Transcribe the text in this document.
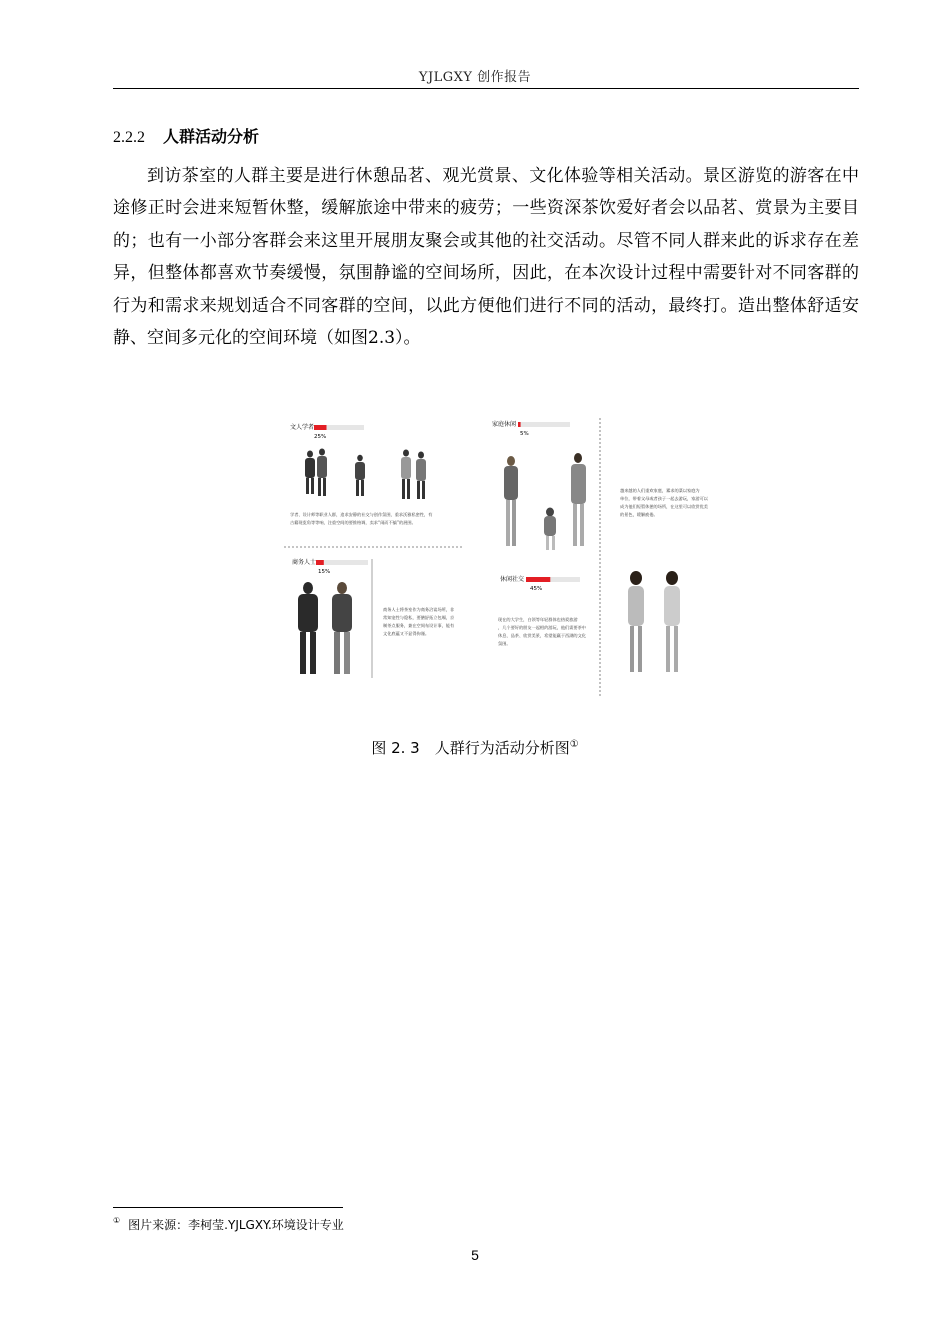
YJLGXY 创作报告
2.2.2 人群活动分析
到访茶室的人群主要是进行休憩品茗、观光赏景、文化体验等相关活动。景区游览的游客在中途修正时会进来短暂休整，缓解旅途中带来的疲劳；一些资深茶饮爱好者会以品茗、赏景为主要目的；也有一小部分客群会来这里开展朋友聚会或其他的社交活动。尽管不同人群来此的诉求存在差异，但整体都喜欢节奏缓慢，氛围静谧的空间场所，因此，在本次设计过程中需要针对不同客群的行为和需求来规划适合不同客群的空间，以此方便他们进行不同的活动，最终打。造出整体舒适安静、空间多元化的空间环境（如图2.3）。
文人学者
25%
学者、设计师等职业人群，追求安静的社交与创作氛围，重求沃雅私密性，有
古籍现览角等等响，注重空间的要推格调，卖求“闹而不搞”的展围。
家庭休闲
5%
越来越的人们重欢家庭，累求的菜以家庭为
单位，带着父母或者孩子一起去游玩，家游可以
成为他们短暂休憩的场所，在这里可以欣赏优美
的景色，缓解疲倦。
商务人士
15%
商务人士将茶室作为商务洽谈场所，非
常知宠性与隐私，要膳舒拓立包厢，京
制茶点服务，兼在空间布设计事，能有
文化底蕴又不显得拘谨。
休闲社交
45%
现在的大学生，白领等年轻群体也热爱旅游
，几个要好的朋友一起相约游玩，他们需要茶中
休息、品茶、欣赏美景，希望能赢于西湖的文化
氛围。
图 2. 3　人群行为活动分析图①
① 图片来源：李柯莹.YJLGXY.环境设计专业
5
